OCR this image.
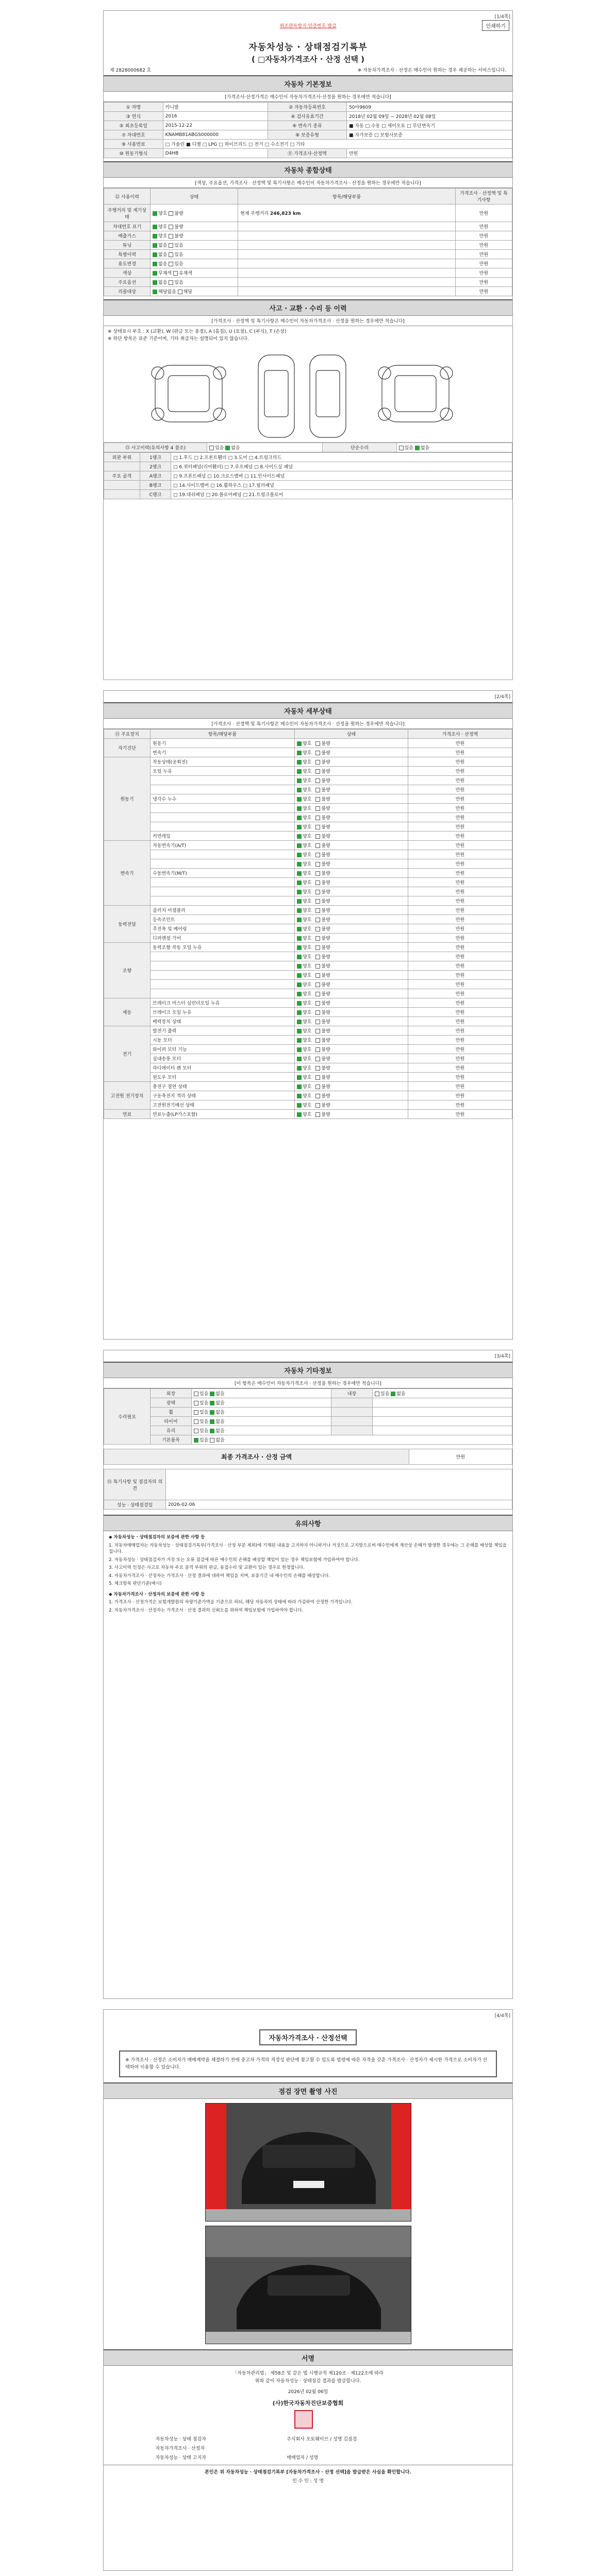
[1/4쪽]
위조판독방지 인증번호 발급	인쇄하기
자동차성능 · 상태점검기록부
( □자동차가격조사 · 산정 선택 )
제 2828000682 호	※ 자동차가격조사 · 산정은 매수인이 원하는 경우 제공하는 서비스입니다.
자동차 기본정보
[가격조사·산정가격은 매수인이 자동차가격조사·산정을 원하는 경우에만 적습니다]
① 차명	카니발	② 자동차등록번호	50야9609
③ 연식	2016	④ 검사유효기간	2018년 02월 09일 ~ 2028년 02월 08일
⑤ 최초등록일	2015-12-22	⑥ 변속기 종류	■ 자동 □ 수동 □ 세미오토 □ 무단변속기
⑦ 차대번호	KNAMB81ABGS000000	⑧ 보증유형	■ 자가보증 □ 보험사보증
⑨ 사용연료	□ 가솔린 ■ 디젤 □ LPG □ 하이브리드 □ 전기 □ 수소전기 □ 기타		
⑩ 원동기형식	D4HB	⑪ 가격조사·산정액	만원
자동차 종합상태
[색상, 주요옵션, 가격조사 · 산정액 및 특기사항은 매수인이 자동차가격조사 · 산정을 원하는 경우에만 적습니다]
⑫ 사용이력	상태	항목/해당부품	가격조사 · 산정액 및 특기사항
주행거리 및 계기상태	양호 불량	현재 주행거리 246,823 km	만원
차대번호 표기	양호 불량		만원
배출가스	양호 불량		만원
튜닝	없음 있음		만원
특별이력	없음 있음		만원
용도변경	없음 있음		만원
색상	무채색 유채색		만원
주요옵션	없음 있음		만원
리콜대상	해당없음 해당		만원
사고 · 교환 · 수리 등 이력
[가격조사 · 산정액 및 특기사항은 매수인이 자동차가격조사 · 산정을 원하는 경우에만 적습니다]
※ 상태표시 부호 : X (교환), W (판금 또는 용접), A (흠집), U (요철), C (부식), T (손상)
※ 하단 항목은 표준 기준이며, 기타 취급자는 설명되어 있지 않습니다.
⑬ 사고이력(유의사항 4 참조)	있음 없음	단순수리	있음 없음
외판 부위	1랭크	□ 1.후드 □ 2.프론트휀더 □ 3.도어 □ 4.트렁크리드
	2랭크	□ 6.쿼터패널(리어휀더) □ 7.루프패널 □ 8.사이드실 패널
주요 골격	A랭크	□ 9.프론트패널 □ 10.크로스멤버 □ 11.인사이드패널
	B랭크	□ 14.사이드멤버 □ 16.휠하우스 □ 17.필러패널
	C랭크	□ 19.대쉬패널 □ 20.플로어패널 □ 21.트렁크플로어
[2/4쪽]
자동차 세부상태
[가격조사 · 산정액 및 특기사항은 매수인이 자동차가격조사 · 산정을 원하는 경우에만 적습니다]
⑬ 주요장치	항목/해당부품	상태	가격조사 · 산정액
자기진단	원동기	양호 불량	만원
	변속기	양호 불량	만원
원동기	작동상태(공회전)	양호 불량	만원
	오일 누유	양호 불량	만원
		양호 불량	만원
		양호 불량	만원
	냉각수 누수	양호 불량	만원
		양호 불량	만원
		양호 불량	만원
		양호 불량	만원
	커먼레일	양호 불량	만원
변속기	자동변속기(A/T)	양호 불량	만원
		양호 불량	만원
		양호 불량	만원
	수동변속기(M/T)	양호 불량	만원
		양호 불량	만원
		양호 불량	만원
		양호 불량	만원
동력전달	클러치 어셈블리	양호 불량	만원
	등속조인트	양호 불량	만원
	추진축 및 베어링	양호 불량	만원
	디퍼렌셜 기어	양호 불량	만원
조향	동력조향 작동 오일 누유	양호 불량	만원
		양호 불량	만원
		양호 불량	만원
		양호 불량	만원
		양호 불량	만원
		양호 불량	만원
제동	브레이크 마스터 실린더오일 누유	양호 불량	만원
	브레이크 오일 누유	양호 불량	만원
	배력장치 상태	양호 불량	만원
전기	발전기 출력	양호 불량	만원
	시동 모터	양호 불량	만원
	와이퍼 모터 기능	양호 불량	만원
	실내송풍 모터	양호 불량	만원
	라디에이터 팬 모터	양호 불량	만원
	윈도우 모터	양호 불량	만원
고전원 전기장치	충전구 절연 상태	양호 불량	만원
	구동축전지 격리 상태	양호 불량	만원
	고전원전기배선 상태	양호 불량	만원
연료	연료누출(LP가스포함)	양호 불량	만원
[3/4쪽]
자동차 기타정보
[이 항목은 매수인이 자동차가격조사 · 산정을 원하는 경우에만 적습니다]
수리필요	외장	있음 없음	내장	있음 없음
	광택	있음 없음		
	휠	있음 없음		
	타이어	있음 없음		
	유리	있음 없음		
	기본품목	있음 없음		
최종 가격조사 · 산정 금액	만원
⑮ 특기사항 및 점검자의 의견	
성능 · 상태점검일	2026-02-06
유의사항

◆ 자동차성능 · 상태점검자의 보증에 관한 사항 등

1. 자동차매매업자는 자동차성능 · 상태점검기록부(가격조사 · 산정 부분 제외)에 기재된 내용을 고지하지 아니하거나 거짓으로 고지함으로써 매수인에게 재산상 손해가 발생한 경우에는 그 손해를 배상할 책임을 집니다.

2. 자동차성능 · 상태점검자가 거짓 또는 오류 점검에 따른 매수인의 손해를 배상할 책임이 있는 경우 책임보험에 가입하여야 합니다.

3. 사고이력 인정은 사고로 자동차 주요 골격 부위의 판금, 용접수리 및 교환이 있는 경우로 한정합니다.

4. 자동차가격조사 · 산정자는 가격조사 · 산정 결과에 대하여 책임을 지며, 보증기간 내 매수인의 손해를 배상합니다.

5. 체크항목 판단기준(예시)

◆ 자동차가격조사 · 산정자의 보증에 관한 사항 등

1. 가격조사 · 산정가격은 보험개발원의 차량기준가액을 기준으로 하되, 해당 자동차의 상태에 따라 가감하여 산정한 가격입니다.

2. 자동차가격조사 · 산정자는 가격조사 · 산정 결과의 신뢰도를 위하여 책임보험에 가입하여야 합니다.

[4/4쪽]
자동차가격조사 · 산정선택
※ 가격조사 · 산정은 소비자가 매매계약을 체결하기 전에 중고차 가격의 적정성 판단에 참고할 수 있도록 법령에 따른 자격을 갖춘 가격조사 · 산정자가 제시한 가격으로 소비자가 선택하여 이용할 수 있습니다.
점검 장면 촬영 사진
서명
「자동차관리법」 제58조 및 같은 법 시행규칙 제120조 · 제122조에 따라
위와 같이 자동차성능 · 상태점검 결과를 발급합니다.
2026년 02월 06일
(사)한국자동차진단보증협회
자동차성능 · 상태 점검자	주식회사 오토웨이브 / 성명 김점검
자동차가격조사 · 산정자	
자동차성능 · 상태 고지자	매매업자 / 성명
본인은 위 자동차성능 · 상태점검기록부 [자동차가격조사 · 산정 선택]을 발급받은 사실을 확인합니다.
인 수 인 : 성 명
